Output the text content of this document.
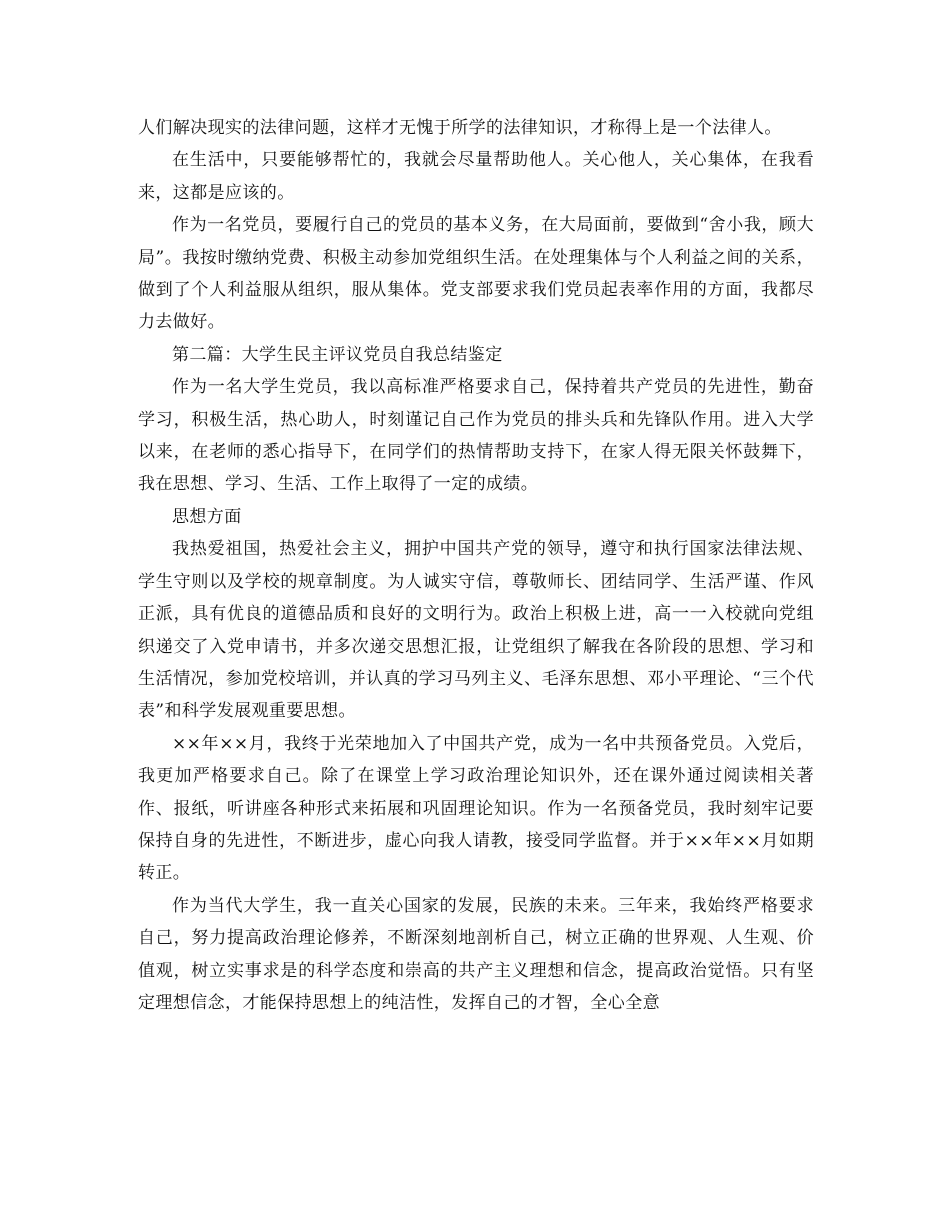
人们解决现实的法律问题，这样才无愧于所学的法律知识，才称得上是一个法律人。

在生活中，只要能够帮忙的，我就会尽量帮助他人。关心他人，关心集体，在我看来，这都是应该的。

作为一名党员，要履行自己的党员的基本义务，在大局面前，要做到“舍小我，顾大局”。我按时缴纳党费、积极主动参加党组织生活。在处理集体与个人利益之间的关系，做到了个人利益服从组织，服从集体。党支部要求我们党员起表率作用的方面，我都尽力去做好。

第二篇：大学生民主评议党员自我总结鉴定

作为一名大学生党员，我以高标准严格要求自己，保持着共产党员的先进性，勤奋学习，积极生活，热心助人，时刻谨记自己作为党员的排头兵和先锋队作用。进入大学以来，在老师的悉心指导下，在同学们的热情帮助支持下，在家人得无限关怀鼓舞下，我在思想、学习、生活、工作上取得了一定的成绩。

思想方面

我热爱祖国，热爱社会主义，拥护中国共产党的领导，遵守和执行国家法律法规、学生守则以及学校的规章制度。为人诚实守信，尊敬师长、团结同学、生活严谨、作风正派，具有优良的道德品质和良好的文明行为。政治上积极上进，高一一入校就向党组织递交了入党申请书，并多次递交思想汇报，让党组织了解我在各阶段的思想、学习和生活情况，参加党校培训，并认真的学习马列主义、毛泽东思想、邓小平理论、“三个代表”和科学发展观重要思想。

××年××月，我终于光荣地加入了中国共产党，成为一名中共预备党员。入党后，我更加严格要求自己。除了在课堂上学习政治理论知识外，还在课外通过阅读相关著作、报纸，听讲座各种形式来拓展和巩固理论知识。作为一名预备党员，我时刻牢记要保持自身的先进性，不断进步，虚心向我人请教，接受同学监督。并于××年××月如期转正。

作为当代大学生，我一直关心国家的发展，民族的未来。三年来，我始终严格要求自己，努力提高政治理论修养，不断深刻地剖析自己，树立正确的世界观、人生观、价值观，树立实事求是的科学态度和崇高的共产主义理想和信念，提高政治觉悟。只有坚定理想信念，才能保持思想上的纯洁性，发挥自己的才智，全心全意
